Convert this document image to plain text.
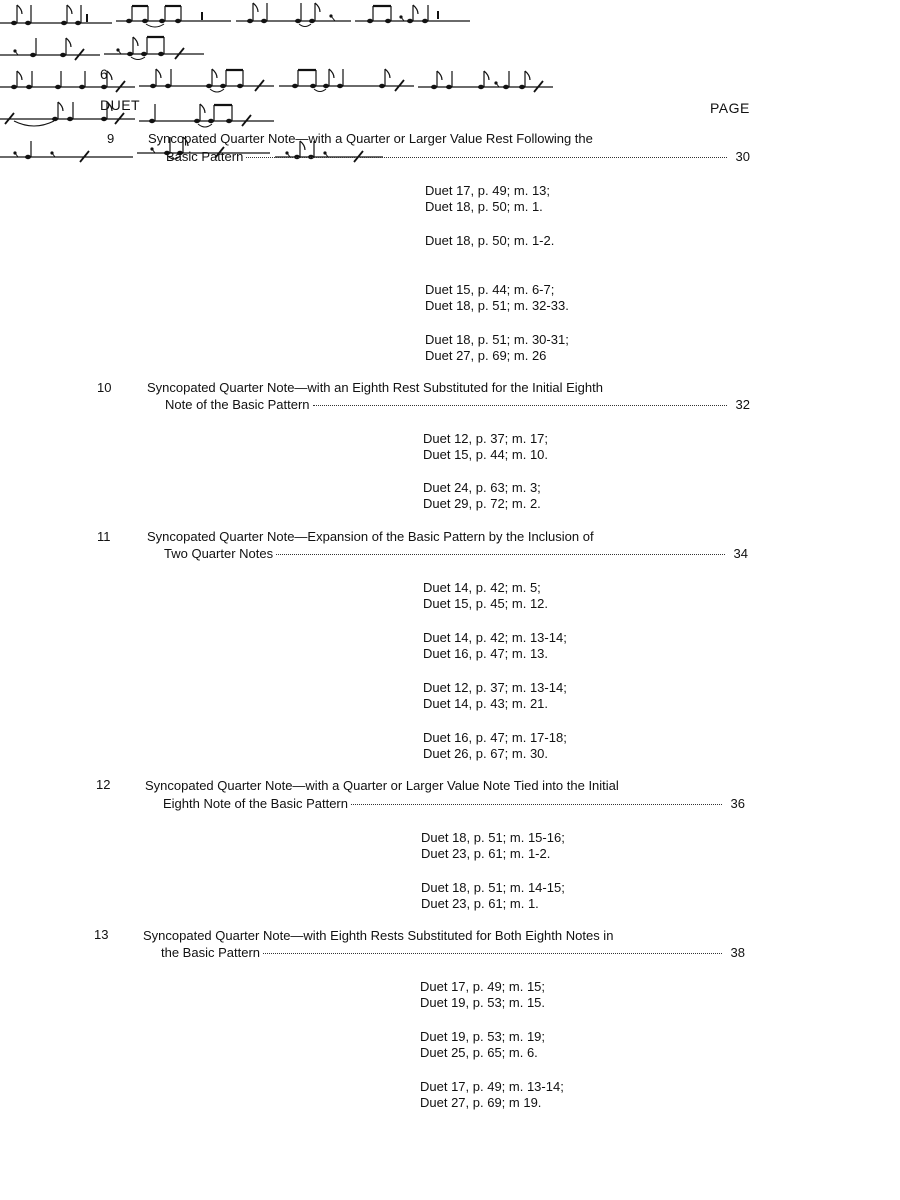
6
DUET	PAGE
9	Syncopated Quarter Note—with a Quarter or Larger Value Rest Following the
Basic Pattern	30

Duet 17, p. 49; m. 13;
Duet 18, p. 50; m. 1.

Duet 18, p. 50; m. 1-2.

Duet 15, p. 44; m. 6-7;
Duet 18, p. 51; m. 32-33.
Duet 18, p. 51; m. 30-31;
Duet 27, p. 69; m. 26
10	Syncopated Quarter Note—with an Eighth Rest Substituted for the Initial Eighth
Note of the Basic Pattern	32

Duet 12, p. 37; m. 17;
Duet 15, p. 44; m. 10.
Duet 24, p. 63; m. 3;
Duet 29, p. 72; m. 2.
11	Syncopated Quarter Note—Expansion of the Basic Pattern by the Inclusion of
Two Quarter Notes	34

Duet 14, p. 42; m. 5;
Duet 15, p. 45; m. 12.

Duet 14, p. 42; m. 13-14;
Duet 16, p. 47; m. 13.

Duet 12, p. 37; m. 13-14;
Duet 14, p. 43; m. 21.
Duet 16, p. 47; m. 17-18;
Duet 26, p. 67; m. 30.
12	Syncopated Quarter Note—with a Quarter or Larger Value Note Tied into the Initial
Eighth Note of the Basic Pattern	36

Duet 18, p. 51; m. 15-16;
Duet 23, p. 61; m. 1-2.
Duet 18, p. 51; m. 14-15;
Duet 23, p. 61; m. 1.
13	Syncopated Quarter Note—with Eighth Rests Substituted for Both Eighth Notes in
the Basic Pattern	38

Duet 17, p. 49; m. 15;
Duet 19, p. 53; m. 15.

Duet 19, p. 53; m. 19;
Duet 25, p. 65; m. 6.
Duet 17, p. 49; m. 13-14;
Duet 27, p. 69; m 19.
